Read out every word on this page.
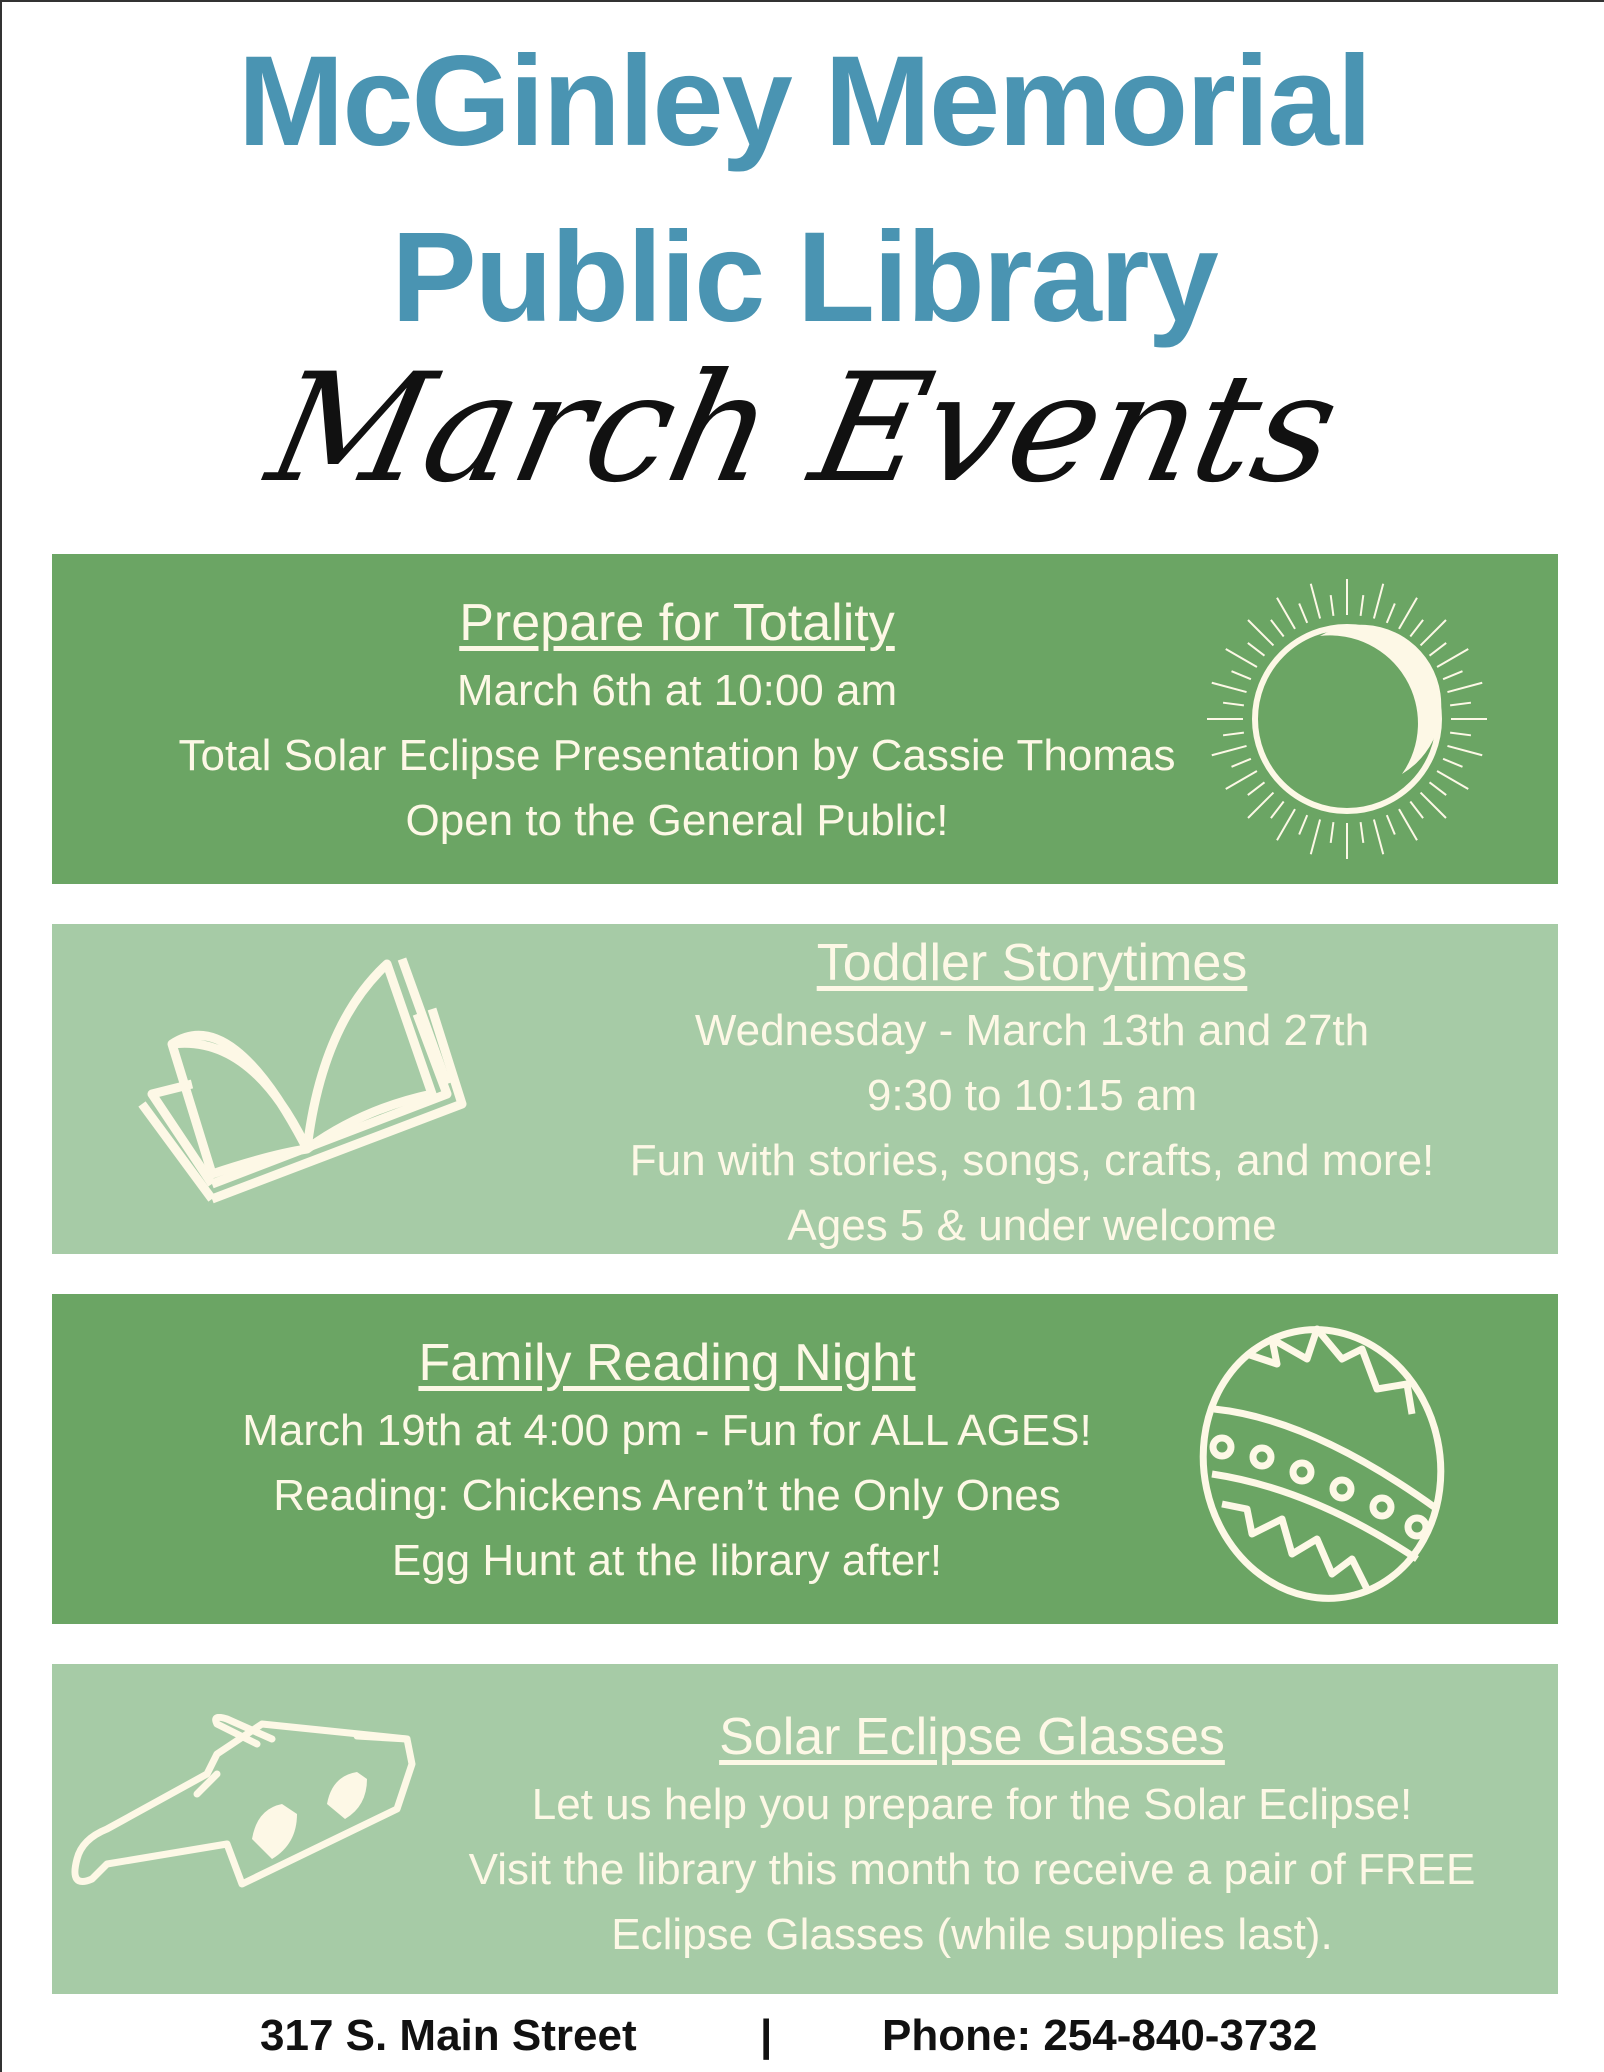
McGinley Memorial
Public Library
March Events
Prepare for Totality
March 6th at 10:00 am
Total Solar Eclipse Presentation by Cassie Thomas
Open to the General Public!
Toddler Storytimes
Wednesday - March 13th and 27th
9:30 to 10:15 am
Fun with stories, songs, crafts, and more!
Ages 5 & under welcome
Family Reading Night
March 19th at 4:00 pm - Fun for ALL AGES!
Reading: Chickens Aren’t the Only Ones
Egg Hunt at the library after!
Solar Eclipse Glasses
Let us help you prepare for the Solar Eclipse!
Visit the library this month to receive a pair of FREE
Eclipse Glasses (while supplies last).
317 S. Main Street	| Phone: 254-840-3732
